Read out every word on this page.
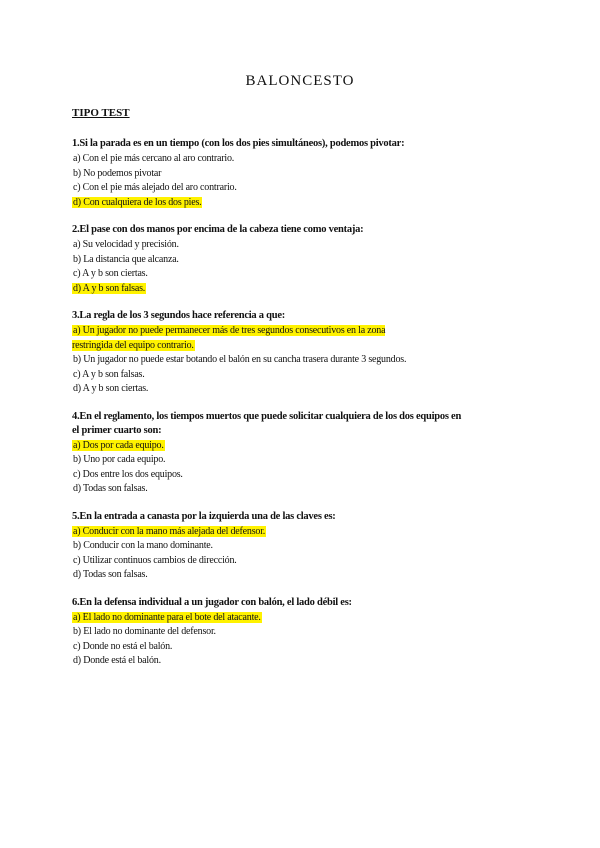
BALONCESTO
TIPO TEST
1.Si la parada es en un tiempo (con los dos pies simultáneos), podemos pivotar:
a) Con el pie más cercano al aro contrario.
b) No podemos pivotar
c) Con el pie más alejado del aro contrario.
d) Con cualquiera de los dos pies.
2.El pase con dos manos por encima de la cabeza tiene como ventaja:
a) Su velocidad y precisión.
b) La distancia que alcanza.
c) A y b son ciertas.
d) A y b son falsas.
3.La regla de los 3 segundos hace referencia a que:
a) Un jugador no puede permanecer más de tres segundos consecutivos en la zona
restringida del equipo contrario.
b) Un jugador no puede estar botando el balón en su cancha trasera durante 3 segundos.
c) A y b son falsas.
d) A y b son ciertas.
4.En el reglamento, los tiempos muertos que puede solicitar cualquiera de los dos equipos en
el primer cuarto son:
a) Dos por cada equipo.
b) Uno por cada equipo.
c) Dos entre los dos equipos.
d) Todas son falsas.
5.En la entrada a canasta por la izquierda una de las claves es:
a) Conducir con la mano más alejada del defensor.
b) Conducir con la mano dominante.
c) Utilizar continuos cambios de dirección.
d) Todas son falsas.
6.En la defensa individual a un jugador con balón, el lado débil es:
a) El lado no dominante para el bote del atacante.
b) El lado no dominante del defensor.
c) Donde no está el balón.
d) Donde está el balón.
